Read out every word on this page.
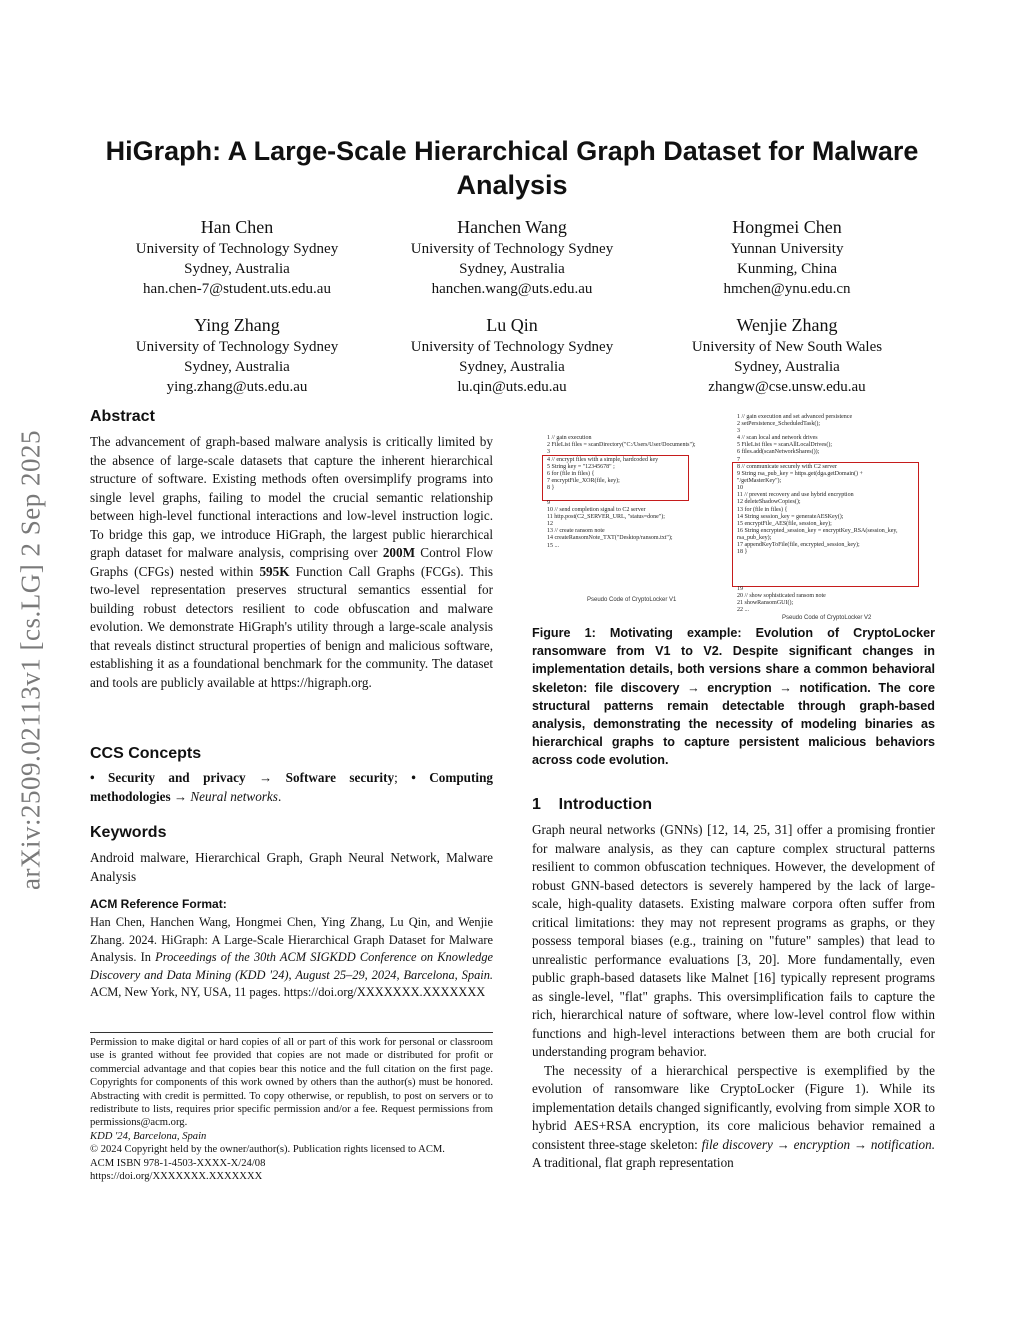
arXiv:2509.02113v1 [cs.LG] 2 Sep 2025
HiGraph: A Large-Scale Hierarchical Graph Dataset for Malware
Analysis
Han Chen
University of Technology Sydney
Sydney, Australia
han.chen-7@student.uts.edu.au
Hanchen Wang
University of Technology Sydney
Sydney, Australia
hanchen.wang@uts.edu.au
Hongmei Chen
Yunnan University
Kunming, China
hmchen@ynu.edu.cn
Ying Zhang
University of Technology Sydney
Sydney, Australia
ying.zhang@uts.edu.au
Lu Qin
University of Technology Sydney
Sydney, Australia
lu.qin@uts.edu.au
Wenjie Zhang
University of New South Wales
Sydney, Australia
zhangw@cse.unsw.edu.au
Abstract
The advancement of graph-based malware analysis is critically limited by the absence of large-scale datasets that capture the inherent hierarchical structure of software. Existing methods often oversimplify programs into single level graphs, failing to model the crucial semantic relationship between high-level functional interactions and low-level instruction logic. To bridge this gap, we introduce HiGraph, the largest public hierarchical graph dataset for malware analysis, comprising over 200M Control Flow Graphs (CFGs) nested within 595K Function Call Graphs (FCGs). This two-level representation preserves structural semantics essential for building robust detectors resilient to code obfuscation and malware evolution. We demonstrate HiGraph's utility through a large-scale analysis that reveals distinct structural properties of benign and malicious software, establishing it as a foundational benchmark for the community. The dataset and tools are publicly available at https://higraph.org.
CCS Concepts
• Security and privacy → Software security; • Computing methodologies → Neural networks.
Keywords
Android malware, Hierarchical Graph, Graph Neural Network, Malware Analysis
ACM Reference Format:
Han Chen, Hanchen Wang, Hongmei Chen, Ying Zhang, Lu Qin, and Wenjie Zhang. 2024. HiGraph: A Large-Scale Hierarchical Graph Dataset for Malware Analysis. In Proceedings of the 30th ACM SIGKDD Conference on Knowledge Discovery and Data Mining (KDD '24), August 25–29, 2024, Barcelona, Spain. ACM, New York, NY, USA, 11 pages. https://doi.org/XXXXXXX.XXXXXXX
Permission to make digital or hard copies of all or part of this work for personal or classroom use is granted without fee provided that copies are not made or distributed for profit or commercial advantage and that copies bear this notice and the full citation on the first page. Copyrights for components of this work owned by others than the author(s) must be honored. Abstracting with credit is permitted. To copy otherwise, or republish, to post on servers or to redistribute to lists, requires prior specific permission and/or a fee. Request permissions from permissions@acm.org.
KDD '24, Barcelona, Spain
© 2024 Copyright held by the owner/author(s). Publication rights licensed to ACM.
ACM ISBN 978-1-4503-XXXX-X/24/08
https://doi.org/XXXXXXX.XXXXXXX
1 // gain execution
2 FileList files = scanDirectory("C:/Users/User/Documents");
3
4 // encrypt files with a simple, hardcoded key
5 String key = "12345678" ;
6 for (file in files) {
7 encryptFile_XOR(file, key);
8 }
9
10 // send completion signal to C2 server
11 http.post(C2_SERVER_URL, "status=done");
12
13 // create ransom note
14 createRansomNote_TXT("Desktop/ransom.txt");
15 ...
Pseudo Code of CryptoLocker V1
1 // gain execution and set advanced persistence
2 setPersistence_ScheduledTask();
3
4 // scan local and network drives
5 FileList files = scanAllLocalDrives();
6 files.add(scanNetworkShares());
7
8 // communicate securely with C2 server
9 String rsa_pub_key = https.get(dga.getDomain() +
"/getMasterKey");
10
11 // prevent recovery and use hybrid encryption
12 deleteShadowCopies();
13 for (file in files) {
14 String session_key = generateAESKey();
15 encryptFile_AES(file, session_key);
16 String encrypted_session_key = encryptKey_RSA(session_key,
rsa_pub_key);
17 appendKeyToFile(file, encrypted_session_key);
18 }
19
20 // show sophisticated ransom note
21 showRansomGUI();
22 ...
Pseudo Code of CryptoLocker V2
Figure 1: Motivating example: Evolution of CryptoLocker ransomware from V1 to V2. Despite significant changes in implementation details, both versions share a common behavioral skeleton: file discovery → encryption → notification. The core structural patterns remain detectable through graph-based analysis, demonstrating the necessity of modeling binaries as hierarchical graphs to capture persistent malicious behaviors across code evolution.
1    Introduction
Graph neural networks (GNNs) [12, 14, 25, 31] offer a promising frontier for malware analysis, as they can capture complex structural patterns resilient to common obfuscation techniques. However, the development of robust GNN-based detectors is severely hampered by the lack of large-scale, high-quality datasets. Existing malware corpora often suffer from critical limitations: they may not represent programs as graphs, or they possess temporal biases (e.g., training on "future" samples) that lead to unrealistic performance evaluations [3, 20]. More fundamentally, even public graph-based datasets like Malnet [16] typically represent programs as single-level, "flat" graphs. This oversimplification fails to capture the rich, hierarchical nature of software, where low-level control flow within functions and high-level interactions between them are both crucial for understanding program behavior.
The necessity of a hierarchical perspective is exemplified by the evolution of ransomware like CryptoLocker (Figure 1). While its implementation details changed significantly, evolving from simple XOR to hybrid AES+RSA encryption, its core malicious behavior remained a consistent three-stage skeleton: file discovery → encryption → notification. A traditional, flat graph representation
